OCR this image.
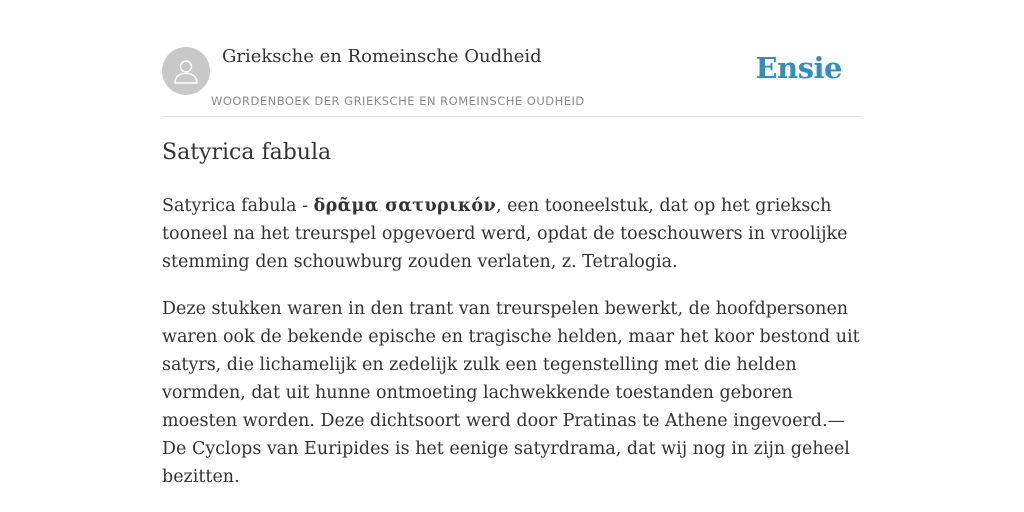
Grieksche en Romeinsche Oudheid
WOORDENBOEK DER GRIEKSCHE EN ROMEINSCHE OUDHEID
Ensie
Satyrica fabula

Satyrica fabula - δρᾶμα σατυρικόν, een tooneelstuk, dat op het grieksch tooneel na het treurspel opgevoerd werd, opdat de toeschouwers in vroolijke stemming den schouwburg zouden verlaten, z. Tetralogia.

Deze stukken waren in den trant van treurspelen bewerkt, de hoofdpersonen waren ook de bekende epische en tragische helden, maar het koor bestond uit satyrs, die lichamelijk en zedelijk zulk een tegenstelling met die helden vormden, dat uit hunne ontmoeting lachwekkende toestanden geboren moesten worden. Deze dichtsoort werd door Pratinas te Athene ingevoerd.—De Cyclops van Euripides is het eenige satyrdrama, dat wij nog in zijn geheel bezitten.
